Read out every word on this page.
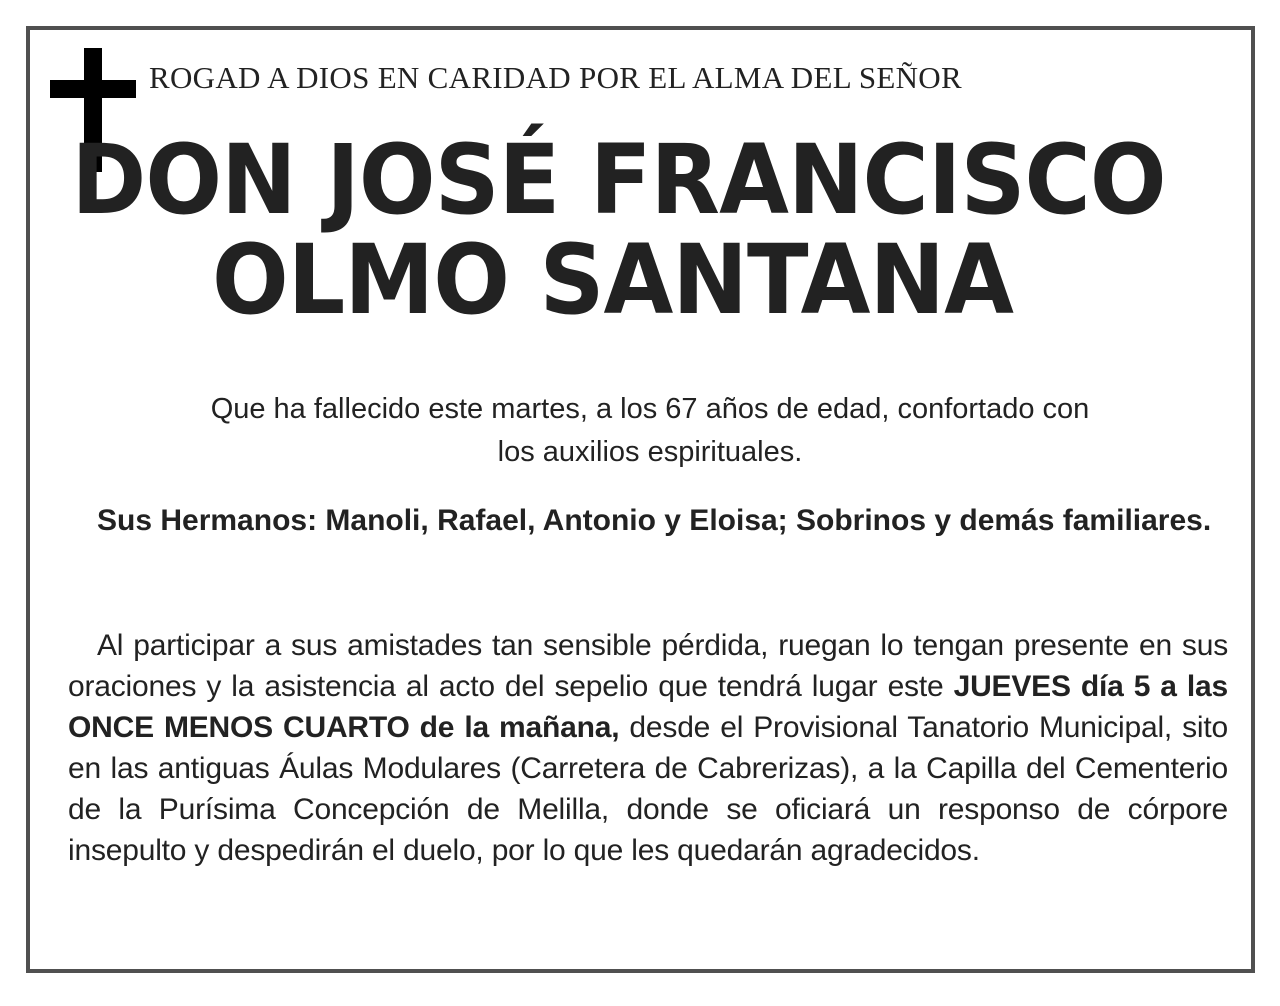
ROGAD A DIOS EN CARIDAD POR EL ALMA DEL SEÑOR
DON JOSÉ FRANCISCO
OLMO SANTANA
Que ha fallecido este martes, a los 67 años de edad, confortado con
los auxilios espirituales.
Sus Hermanos: Manoli, Rafael, Antonio y Eloisa; Sobrinos y demás familiares.
Al participar a sus amistades tan sensible pérdida, ruegan lo tengan presente en sus oraciones y la asistencia al acto del sepelio que tendrá lugar este JUEVES día 5 a las ONCE MENOS CUARTO de la mañana, desde el Provisional Tanatorio Municipal, sito en las antiguas Áulas Modulares (Carretera de Cabrerizas), a la Capilla del Cementerio de la Purísima Concepción de Melilla, donde se oficiará un responso de córpore insepulto y despedirán el duelo, por lo que les quedarán agradecidos.
